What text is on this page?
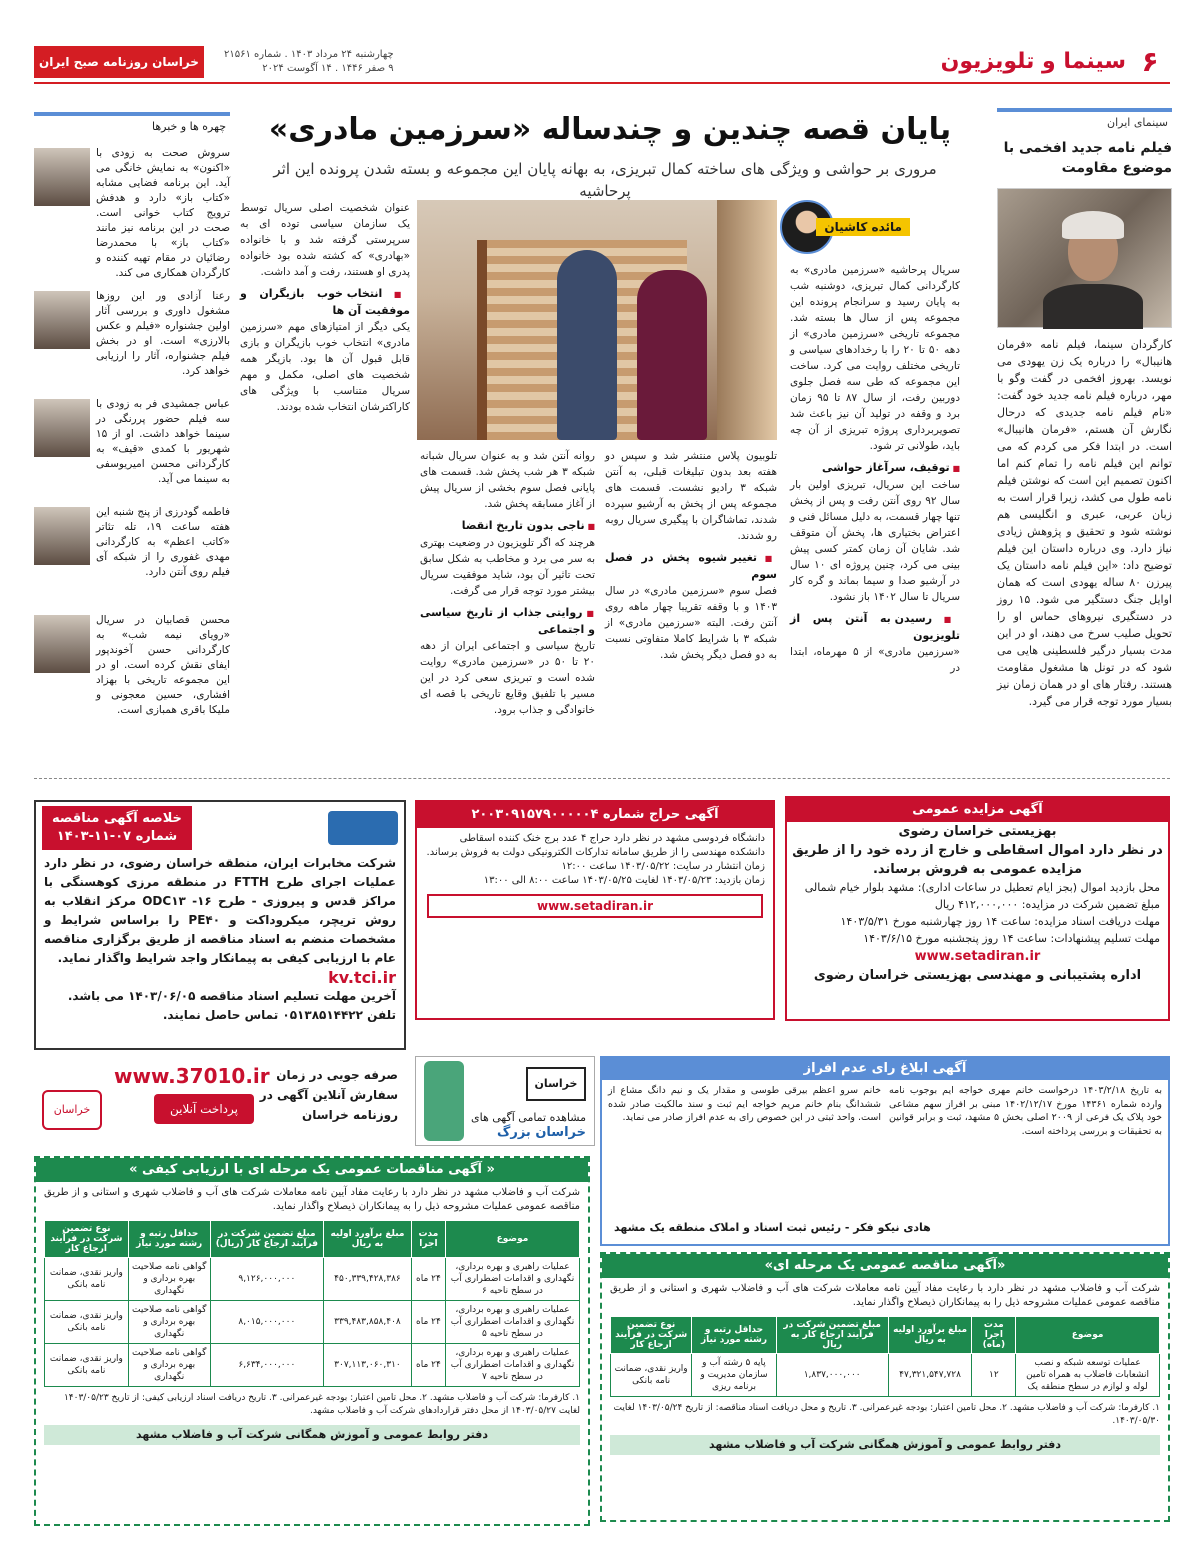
۶
سینما و تلویزیون
چهارشنبه ۲۴ مرداد ۱۴۰۳ . شماره ۲۱۵۶۱
۹ صفر ۱۴۴۶ . ۱۴ آگوست ۲۰۲۴
خراسان روزنامه صبح ایران
سینمای ایران
فیلم نامه جدید افخمی با موضوع مقاومت
کارگردان سینما، فیلم نامه «فرمان هانیبال» را درباره یک زن یهودی می نویسد. بهروز افخمی در گفت وگو با مهر، درباره فیلم نامه جدید خود گفت: «نام فیلم نامه جدیدی که درحال نگارش آن هستم، «فرمان هانیبال» است. در ابتدا فکر می کردم که می توانم این فیلم نامه را تمام کنم اما اکنون تصمیم این است که نوشتن فیلم نامه طول می کشد، زیرا قرار است به زبان عربی، عبری و انگلیسی هم نوشته شود و تحقیق و پژوهش زیادی نیاز دارد. وی درباره داستان این فیلم توضیح داد: «این فیلم نامه داستان یک پیرزن ۸۰ ساله یهودی است که همان اوایل جنگ دستگیر می شود. ۱۵ روز در دستگیری نیروهای حماس او را تحویل صلیب سرخ می دهند، او در این مدت بسیار درگیر فلسطینی هایی می شود که در تونل ها مشغول مقاومت هستند. رفتار های او در همان زمان نیز بسیار مورد توجه قرار می گیرد.
پایان قصه چندین و چندساله «سرزمین مادری»
مروری بر حواشی و ویژگی های ساخته کمال تبریزی، به بهانه پایان این مجموعه و بسته شدن پرونده این اثر پرحاشیه
مائده کاشیان

سریال پرحاشیه «سرزمین مادری» به کارگردانی کمال تبریزی، دوشنبه شب به پایان رسید و سرانجام پرونده این مجموعه پس از سال ها بسته شد. مجموعه تاریخی «سرزمین مادری» از دهه ۵۰ تا ۲۰ را با رخدادهای سیاسی و تاریخی مختلف روایت می کرد. ساخت این مجموعه که طی سه فصل جلوی دوربین رفت، از سال ۸۷ تا ۹۵ زمان برد و وقفه در تولید آن نیز باعث شد تصویربرداری پروژه تبریزی از آن چه باید، طولانی تر شود.

■ توقیف، سرآغاز حواشی

ساخت این سریال، تبریزی اولین بار سال ۹۲ روی آنتن رفت و پس از پخش تنها چهار قسمت، به دلیل مسائل فنی و اعتراض بختیاری ها، پخش آن متوقف شد. شایان آن زمان کمتر کسی پیش بینی می کرد، چنین پروژه ای ۱۰ سال در آرشیو صدا و سیما بماند و گره کار سریال تا سال ۱۴۰۲ باز نشود.

■ رسیدن به آنتن پس از تلویزیون

«سرزمین مادری» از ۵ مهرماه، ابتدا در

تلوبیون پلاس منتشر شد و سپس دو هفته بعد بدون تبلیغات قبلی، به آنتن شبکه ۳ رادیو نشست. قسمت های مجموعه پس از پخش به آرشیو سپرده شدند، تماشاگران با پیگیری سریال روبه رو شدند.

■ تغییر شیوه پخش در فصل سوم

فصل سوم «سرزمین مادری» در سال ۱۴۰۳ و با وقفه تقریبا چهار ماهه روی آنتن رفت. البته «سرزمین مادری» از شبکه ۳ با شرایط کاملا متفاوتی نسبت به دو فصل دیگر پخش شد.

روانه آنتن شد و به عنوان سریال شبانه شبکه ۳ هر شب پخش شد. قسمت های پایانی فصل سوم بخشی از سریال پیش از آغاز مسابقه پخش شد.

■ ناجی بدون تاریخ انقضا

هرچند که اگر تلویزیون در وضعیت بهتری به سر می برد و مخاطب به شکل سابق تحت تاثیر آن بود، شاید موفقیت سریال بیشتر مورد توجه قرار می گرفت.

■ روایتی جذاب از تاریخ سیاسی و اجتماعی

تاریخ سیاسی و اجتماعی ایران از دهه ۲۰ تا ۵۰ در «سرزمین مادری» روایت شده است و تبریزی سعی کرد در این مسیر با تلفیق وقایع تاریخی با قصه ای خانوادگی و جذاب برود.

عنوان شخصیت اصلی سریال توسط یک سازمان سیاسی توده ای به سرپرستی گرفته شد و با خانواده «بهادری» که کشته شده بود خانواده پدری او هستند، رفت و آمد داشت.

■ انتخاب خوب بازیگران و موفقیت آن ها

یکی دیگر از امتیازهای مهم «سرزمین مادری» انتخاب خوب بازیگران و بازی قابل قبول آن ها بود. بازیگر همه شخصیت های اصلی، مکمل و مهم سریال متناسب با ویژگی های کاراکترشان انتخاب شده بودند.

چهره ها و خبرها
سروش صحت به زودی با «اکنون» به نمایش خانگی می آید. این برنامه فضایی مشابه «کتاب باز» دارد و هدفش ترویج کتاب خوانی است. صحت در این برنامه نیز مانند «کتاب باز» با محمدرضا رضائیان در مقام تهیه کننده و کارگردان همکاری می کند.
رعنا آزادی ور این روزها مشغول داوری و بررسی آثار اولین جشنواره «فیلم و عکس بالارزی» است. او در بخش فیلم جشنواره، آثار را ارزیابی خواهد کرد.
عباس جمشیدی فر به زودی با سه فیلم حضور پررنگی در سینما خواهد داشت. او از ۱۵ شهریور با کمدی «قیف» به کارگردانی محسن امیریوسفی به سینما می آید.
فاطمه گودرزی از پنج شنبه این هفته ساعت ۱۹، تله تئاتر «کاتب اعظم» به کارگردانی مهدی غفوری را از شبکه آی فیلم روی آنتن دارد.
محسن قصابیان در سریال «رویای نیمه شب» به کارگردانی حسن آخوندپور ایفای نقش کرده است. او در این مجموعه تاریخی با بهزاد افشاری، حسین معجونی و ملیکا باقری همبازی است.
آگهی مزایده عمومی
بهزیستی خراسان رضوی
در نظر دارد اموال اسقاطی و خارج از رده خود را از طریق مزایده عمومی به فروش برساند.
محل بازدید اموال (بجز ایام تعطیل در ساعات اداری): مشهد بلوار خیام شمالی
مبلغ تضمین شرکت در مزایده: ۴۱۲,۰۰۰,۰۰۰ ریال
مهلت دریافت اسناد مزایده: ساعت ۱۴ روز چهارشنبه مورخ ۱۴۰۳/۵/۳۱
مهلت تسلیم پیشنهادات: ساعت ۱۴ روز پنجشنبه مورخ ۱۴۰۳/۶/۱۵
www.setadiran.ir
اداره پشتیبانی و مهندسی بهزیستی خراسان رضوی
آگهی حراج شماره ۲۰۰۳۰۹۱۵۷۹۰۰۰۰۰۴
دانشگاه فردوسی مشهد در نظر دارد حراج ۴ عدد برج خنک کننده اسقاطی دانشکده مهندسی را از طریق سامانه تدارکات الکترونیکی دولت به فروش برساند.
زمان انتشار در سایت: ۱۴۰۳/۰۵/۲۲ ساعت ۱۲:۰۰
زمان بازدید: ۱۴۰۳/۰۵/۲۳ لغایت ۱۴۰۳/۰۵/۲۵ ساعت ۸:۰۰ الی ۱۳:۰۰
www.setadiran.ir
خلاصه آگهی مناقصه
شماره ۰۷-۱۱-۱۴۰۳
شرکت مخابرات ایران، منطقه خراسان رضوی، در نظر دارد عملیات اجرای طرح FTTH در منطقه مرزی کوهسنگی با مراکز قدس و پیروزی - طرح ۱۶- ODC۱۳ مرکز انقلاب به روش تریچر، میکروداکت و PE۴۰ را براساس شرایط و مشخصات منضم به اسناد مناقصه از طریق برگزاری مناقصه عام با ارزیابی کیفی به پیمانکار واجد شرایط واگذار نماید.
kv.tci.ir
آخرین مهلت تسلیم اسناد مناقصه ۱۴۰۳/۰۶/۰۵ می باشد.
تلفن ۰۵۱۳۸۵۱۴۴۲۲ تماس حاصل نمایند.
www.37010.ir صرفه جویی در زمان
سفارش آنلاین آگهی در
روزنامه خراسان
پرداخت آنلاین
خراسان
خراسان
مشاهده تمامی آگهی های
خراسان بزرگ
آگهی ابلاغ رای عدم افراز
به تاریخ ۱۴۰۳/۲/۱۸ درخواست خانم مهری خواجه ایم بوجوب نامه وارده شماره ۱۴۳۶۱ مورخ ۱۴۰۲/۱۲/۱۷ مبنی بر افراز سهم مشاعی خود پلاک یک فرعی از ۲۰۰۹ اصلی بخش ۵ مشهد، ثبت و برابر قوانین به تحقیقات و بررسی پرداخته است.
خانم سرو اعظم بیرقی طوسی و مقدار یک و نیم دانگ مشاع از ششدانگ بنام خانم مریم خواجه ایم ثبت و سند مالکیت صادر شده است. واحد ثبتی در این خصوص رای به عدم افراز صادر می نماید.
هادی نیکو فکر - رئیس ثبت اسناد و املاک منطقه یک مشهد
« آگهی مناقصات عمومی یک مرحله ای با ارزیابی کیفی »
شرکت آب و فاضلاب مشهد در نظر دارد با رعایت مفاد آیین نامه معاملات شرکت های آب و فاضلاب شهری و استانی و از طریق مناقصه عمومی عملیات مشروحه ذیل را به پیمانکاران ذیصلاح واگذار نماید.
موضوع	مدت اجرا	مبلغ برآورد اولیه به ریال	مبلغ تضمین شرکت در فرآیند ارجاع کار (ریال)	حداقل رتبه و رشته مورد نیاز	نوع تضمین شرکت در فرآیند ارجاع کار
عملیات راهبری و بهره برداری، نگهداری و اقدامات اضطراری آب در سطح ناحیه ۶	۲۴ ماه	۴۵۰,۳۳۹,۴۲۸,۳۸۶	۹,۱۲۶,۰۰۰,۰۰۰	گواهی نامه صلاحیت بهره برداری و نگهداری	واریز نقدی، ضمانت نامه بانکی
عملیات راهبری و بهره برداری، نگهداری و اقدامات اضطراری آب در سطح ناحیه ۵	۲۴ ماه	۳۳۹,۴۸۳,۸۵۸,۴۰۸	۸,۰۱۵,۰۰۰,۰۰۰	گواهی نامه صلاحیت بهره برداری و نگهداری	واریز نقدی، ضمانت نامه بانکی
عملیات راهبری و بهره برداری، نگهداری و اقدامات اضطراری آب در سطح ناحیه ۷	۲۴ ماه	۳۰۷,۱۱۳,۰۶۰,۳۱۰	۶,۶۳۴,۰۰۰,۰۰۰	گواهی نامه صلاحیت بهره برداری و نگهداری	واریز نقدی، ضمانت نامه بانکی
۱. کارفرما: شرکت آب و فاضلاب مشهد. ۲. محل تامین اعتبار: بودجه غیرعمرانی. ۳. تاریخ دریافت اسناد ارزیابی کیفی: از تاریخ ۱۴۰۳/۰۵/۲۳ لغایت ۱۴۰۳/۰۵/۲۷ از محل دفتر قراردادهای شرکت آب و فاضلاب مشهد.
دفتر روابط عمومی و آموزش همگانی شرکت آب و فاضلاب مشهد
«آگهی مناقصه عمومی یک مرحله ای»
شرکت آب و فاضلاب مشهد در نظر دارد با رعایت مفاد آیین نامه معاملات شرکت های آب و فاضلاب شهری و استانی و از طریق مناقصه عمومی عملیات مشروحه ذیل را به پیمانکاران ذیصلاح واگذار نماید.
موضوع	مدت اجرا (ماه)	مبلغ برآورد اولیه به ریال	مبلغ تضمین شرکت در فرآیند ارجاع کار به ریال	حداقل رتبه و رشته مورد نیاز	نوع تضمین شرکت در فرآیند ارجاع کار
عملیات توسعه شبکه و نصب انشعابات فاضلاب به همراه تامین لوله و لوازم در سطح منطقه یک	۱۲	۴۷,۳۲۱,۵۴۷,۷۲۸	۱,۸۳۷,۰۰۰,۰۰۰	پایه ۵ رشته آب و سازمان مدیریت و برنامه ریزی	واریز نقدی، ضمانت نامه بانکی
۱. کارفرما: شرکت آب و فاضلاب مشهد. ۲. محل تامین اعتبار: بودجه غیرعمرانی. ۳. تاریخ و محل دریافت اسناد مناقصه: از تاریخ ۱۴۰۳/۰۵/۲۴ لغایت ۱۴۰۳/۰۵/۳۰.
دفتر روابط عمومی و آموزش همگانی شرکت آب و فاضلاب مشهد
